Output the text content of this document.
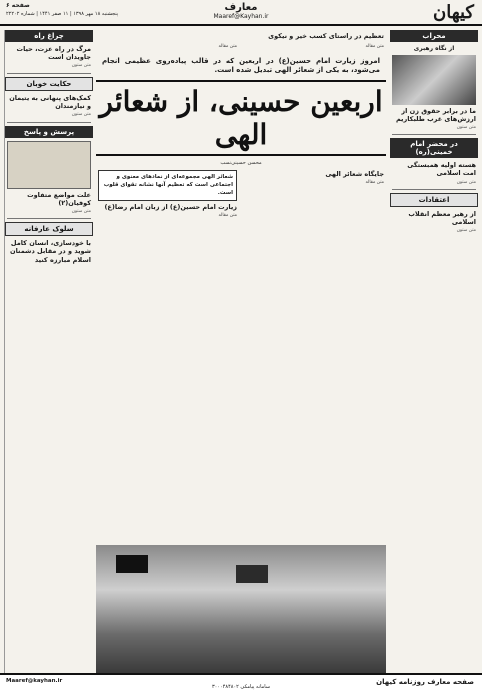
کیهان
معارف
Maaref@Kayhan.ir
صفحه ۶
پنجشنبه ۱۸ مهر ۱۳۹۸ | ۱۱ صفر ۱۴۴۱ | شماره ۲۲۲۰۲
محراب
از نگاه رهبری
ما در برابر حقوق زن از ارزش‌های غرب طلبکاریم
متن ستون
در محضر امام خمینی(ره)
هسته اولیه همبستگی امت اسلامی
متن ستون
اعتقادات
از رهبر معظم انقلاب اسلامی
متن ستون
چراغ راه
مرگ در راه عزت، حیات جاویدان است
متن ستون
حکایت خوبان
کمک‌های پنهانی به یتیمان و نیازمندان
متن ستون
پرسش و پاسخ
علت مواضع متفاوت کوفیان(۲)
متن ستون
سلوک عارفانه
با خودسازی، انسان کامل شوید و در مقابل دشمنان اسلام مبارزه کنید
تعظیم در راستای کسب خیر و نیکوی
متن مقاله
متن مقاله
امروز زیارت امام حسین(ع) در اربعین که در قالب پیاده‌روی عظیمی انجام می‌شود، به یکی از شعائر الهی تبدیل شده است.
اربعین حسینی، از شعائر الهی
محسن حسینی‌نسب
جایگاه شعائر الهی
متن مقاله
شعائر الهی مجموعه‌ای از نمادهای معنوی و اجتماعی است که تعظیم آنها نشانه تقوای قلوب است.
زیارت امام حسین(ع) از زبان امام رضا(ع)
متن مقاله
Maaref@kayhan.ir	صفحه معارف روزنامه کیهان
سامانه پیامکی ۳۰۰۰۴۸۴۸۰۲
